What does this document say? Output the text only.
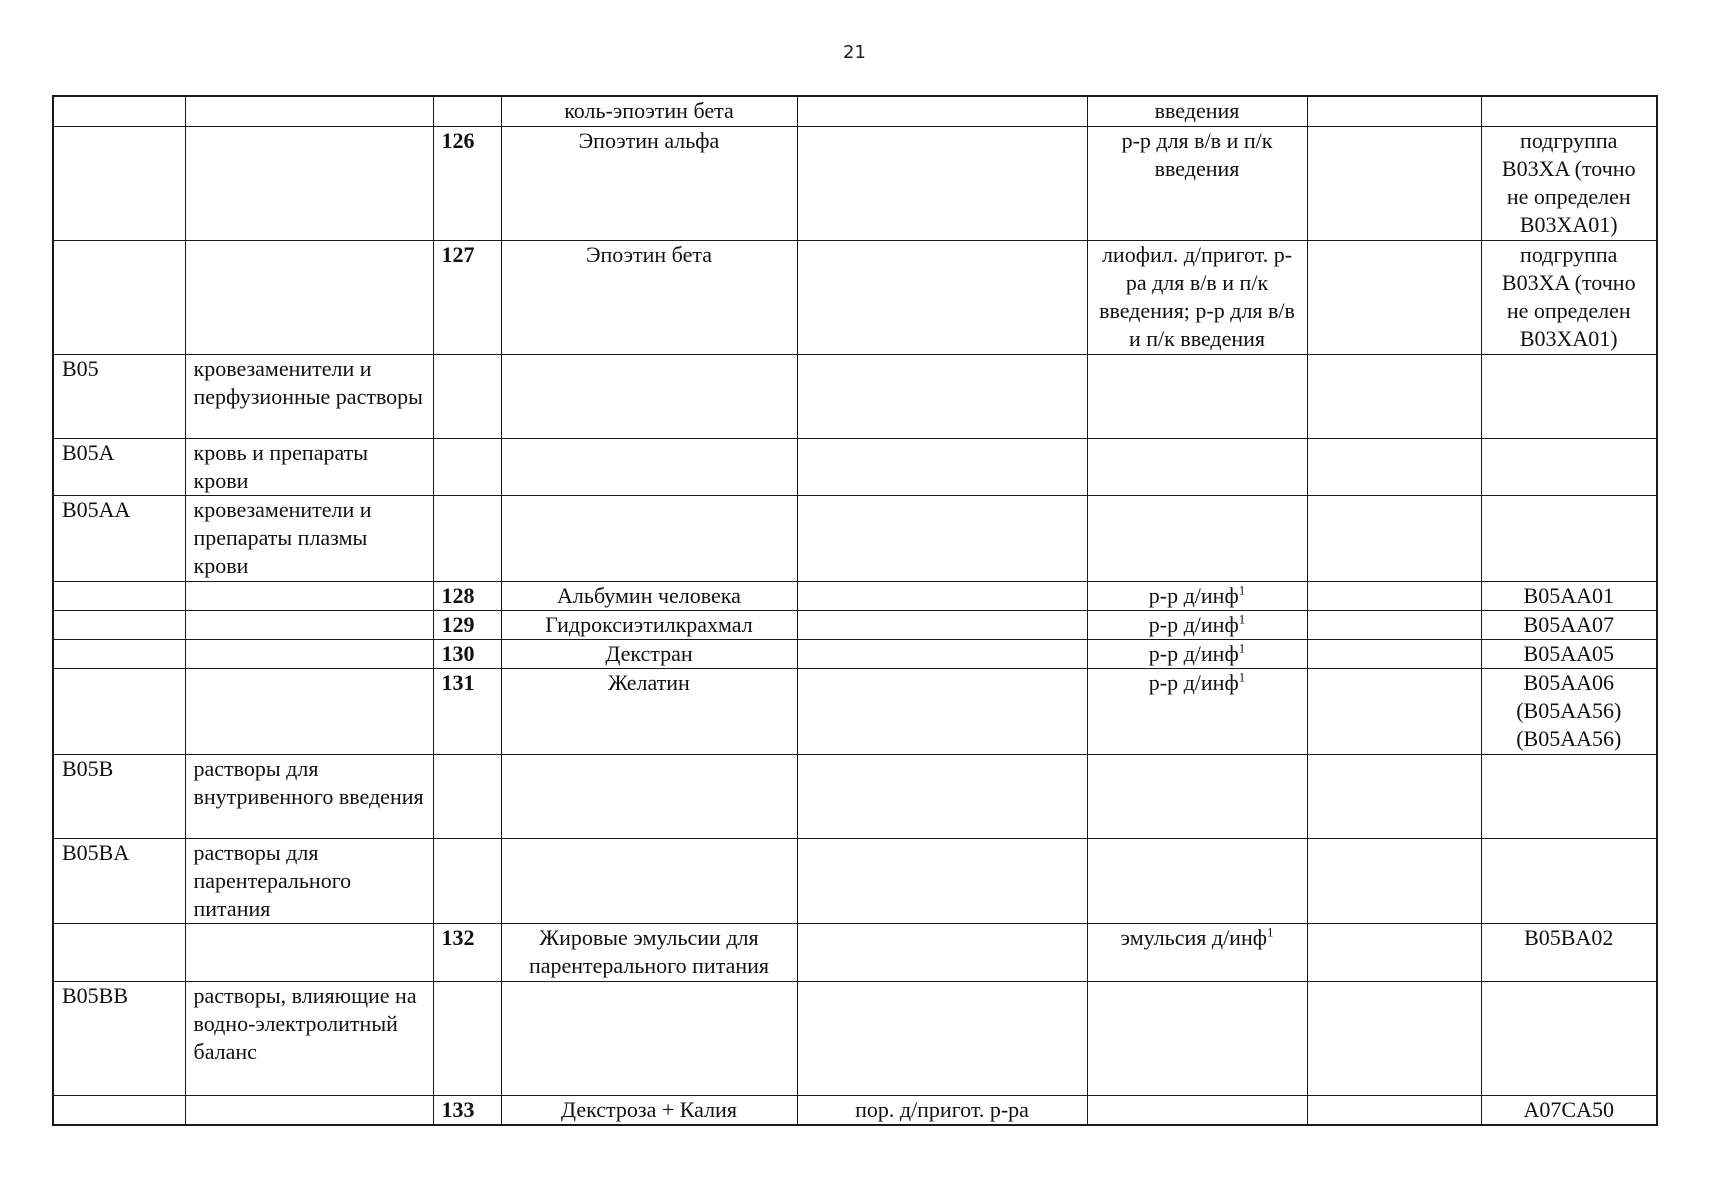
21
			коль-эпоэтин бета		введения		
		126	Эпоэтин альфа		р-р для в/в и п/к введения		подгруппа B03XA (точно не определен B03XA01)
		127	Эпоэтин бета		лиофил. д/пригот. р-ра для в/в и п/к введения; р-р для в/в и п/к введения		подгруппа B03XA (точно не определен B03XA01)
B05	кровезаменители и перфузионные растворы						
B05A	кровь и препараты крови						
B05AA	кровезаменители и препараты плазмы крови						
		128	Альбумин человека		р-р д/инф$^1$		B05AA01
		129	Гидроксиэтилкрахмал		р-р д/инф$^1$		B05AA07
		130	Декстран		р-р д/инф$^1$		B05AA05
		131	Желатин		р-р д/инф$^1$		B05AA06 (B05AA56) (B05AA56)
B05B	растворы для внутривенного введения						
B05BA	растворы для парентерального питания						
		132	Жировые эмульсии для парентерального питания		эмульсия д/инф$^1$		B05BA02
B05BB	растворы, влияющие на водно-электролитный баланс						
		133	Декстроза + Калия	пор. д/пригот. р-ра			A07CA50
